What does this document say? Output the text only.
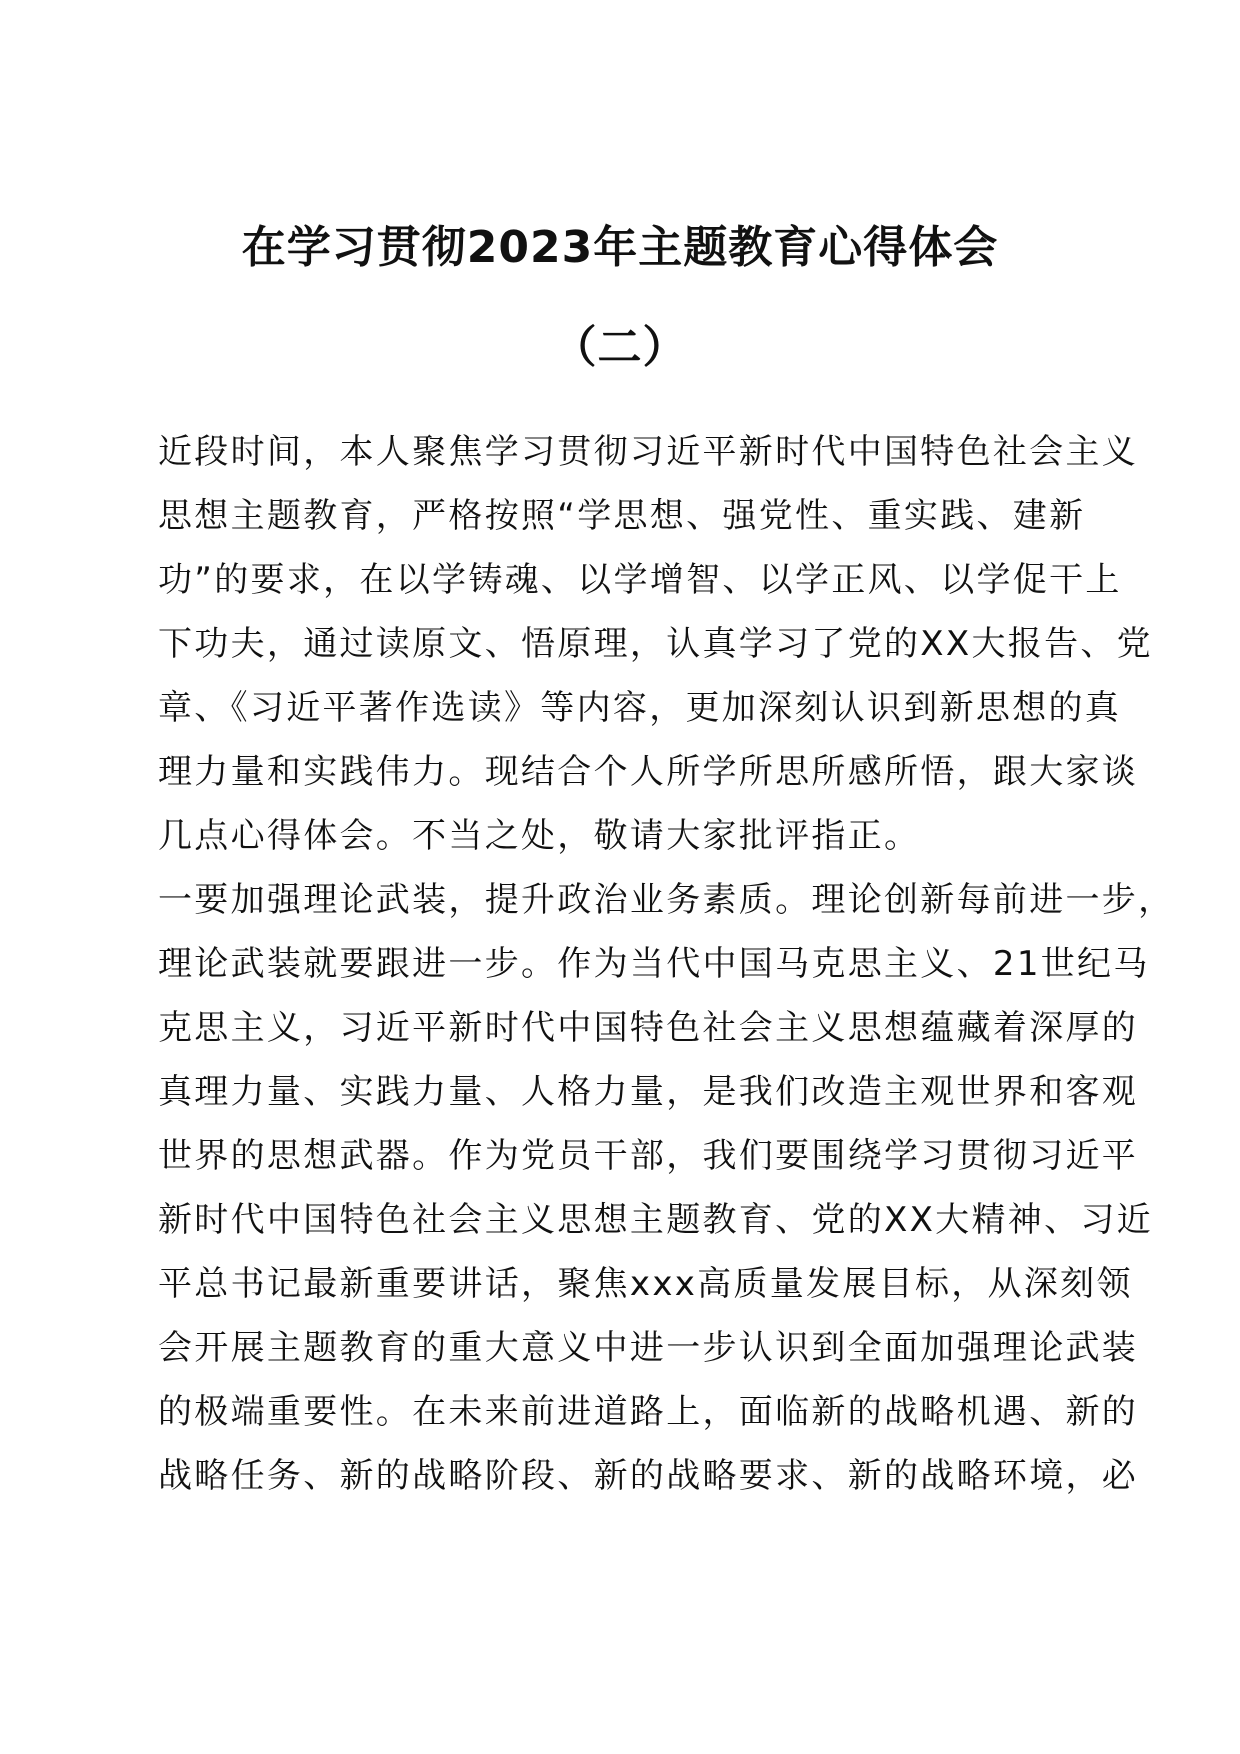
在学习贯彻2023年主题教育心得体会
（二）
近段时间，本人聚焦学习贯彻习近平新时代中国特色社会主义
思想主题教育，严格按照“学思想、强党性、重实践、建新
功”的要求，在以学铸魂、以学增智、以学正风、以学促干上
下功夫，通过读原文、悟原理，认真学习了党的XX大报告、党
章、《习近平著作选读》等内容，更加深刻认识到新思想的真
理力量和实践伟力。现结合个人所学所思所感所悟，跟大家谈
几点心得体会。不当之处，敬请大家批评指正。
一要加强理论武装，提升政治业务素质。理论创新每前进一步，
理论武装就要跟进一步。作为当代中国马克思主义、21世纪马
克思主义，习近平新时代中国特色社会主义思想蕴藏着深厚的
真理力量、实践力量、人格力量，是我们改造主观世界和客观
世界的思想武器。作为党员干部，我们要围绕学习贯彻习近平
新时代中国特色社会主义思想主题教育、党的XX大精神、习近
平总书记最新重要讲话，聚焦xxx高质量发展目标，从深刻领
会开展主题教育的重大意义中进一步认识到全面加强理论武装
的极端重要性。在未来前进道路上，面临新的战略机遇、新的
战略任务、新的战略阶段、新的战略要求、新的战略环境，必
